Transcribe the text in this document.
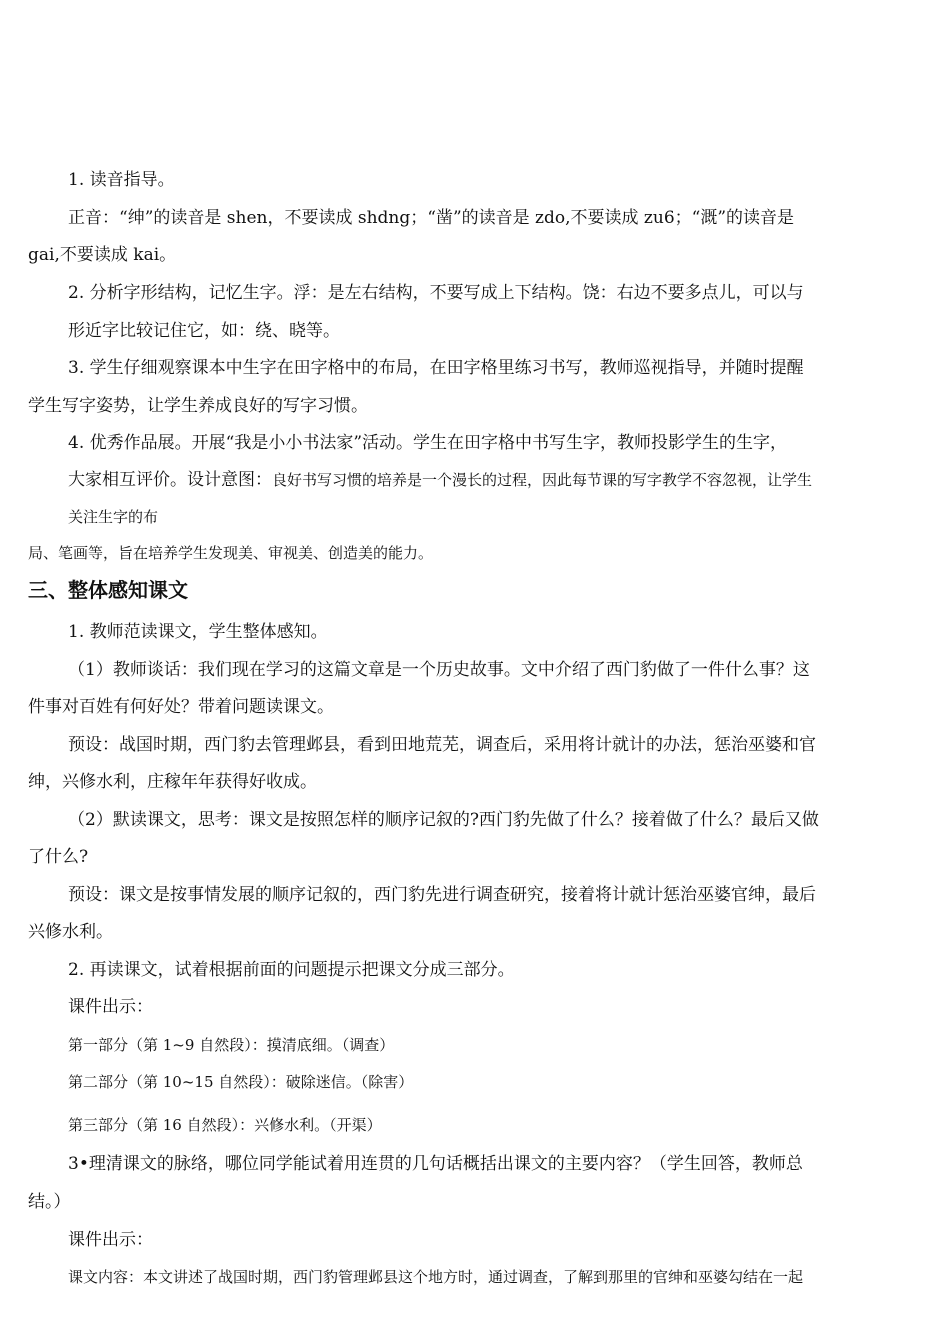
1. 读音指导。
正音：“绅”的读音是 shen，不要读成 shdng；“凿”的读音是 zdo,不要读成 zu6；“溉”的读音是
gai,不要读成 kai。
2. 分析字形结构，记忆生字。浮：是左右结构，不要写成上下结构。饶：右边不要多点儿，可以与
形近字比较记住它，如：绕、晓等。
3. 学生仔细观察课本中生字在田字格中的布局，在田字格里练习书写，教师巡视指导，并随时提醒
学生写字姿势，让学生养成良好的写字习惯。
4. 优秀作品展。开展“我是小小书法家”活动。学生在田字格中书写生字，教师投影学生的生字，
大家相互评价。设计意图：良好书写习惯的培养是一个漫长的过程，因此每节课的写字教学不容忽视，让学生
关注生字的布
局、笔画等，旨在培养学生发现美、审视美、创造美的能力。
三、整体感知课文
1. 教师范读课文，学生整体感知。
（1）教师谈话：我们现在学习的这篇文章是一个历史故事。文中介绍了西门豹做了一件什么事？这
件事对百姓有何好处？带着问题读课文。
预设：战国时期，西门豹去管理邺县，看到田地荒芜，调查后，采用将计就计的办法，惩治巫婆和官
绅，兴修水利，庄稼年年获得好收成。
（2）默读课文，思考：课文是按照怎样的顺序记叙的?西门豹先做了什么？接着做了什么？最后又做
了什么?
预设：课文是按事情发展的顺序记叙的，西门豹先进行调查研究，接着将计就计惩治巫婆官绅，最后
兴修水利。
2. 再读课文，试着根据前面的问题提示把课文分成三部分。
课件出示：
第一部分（第 1~9 自然段）：摸清底细。（调查）
第二部分（第 10~15 自然段）：破除迷信。（除害）
第三部分（第 16 自然段）：兴修水利。（开渠）
3•理清课文的脉络，哪位同学能试着用连贯的几句话概括出课文的主要内容？（学生回答，教师总
结。）
课件出示：
课文内容：本文讲述了战国时期，西门豹管理邺县这个地方时，通过调查，了解到那里的官绅和巫婆勾结在一起
